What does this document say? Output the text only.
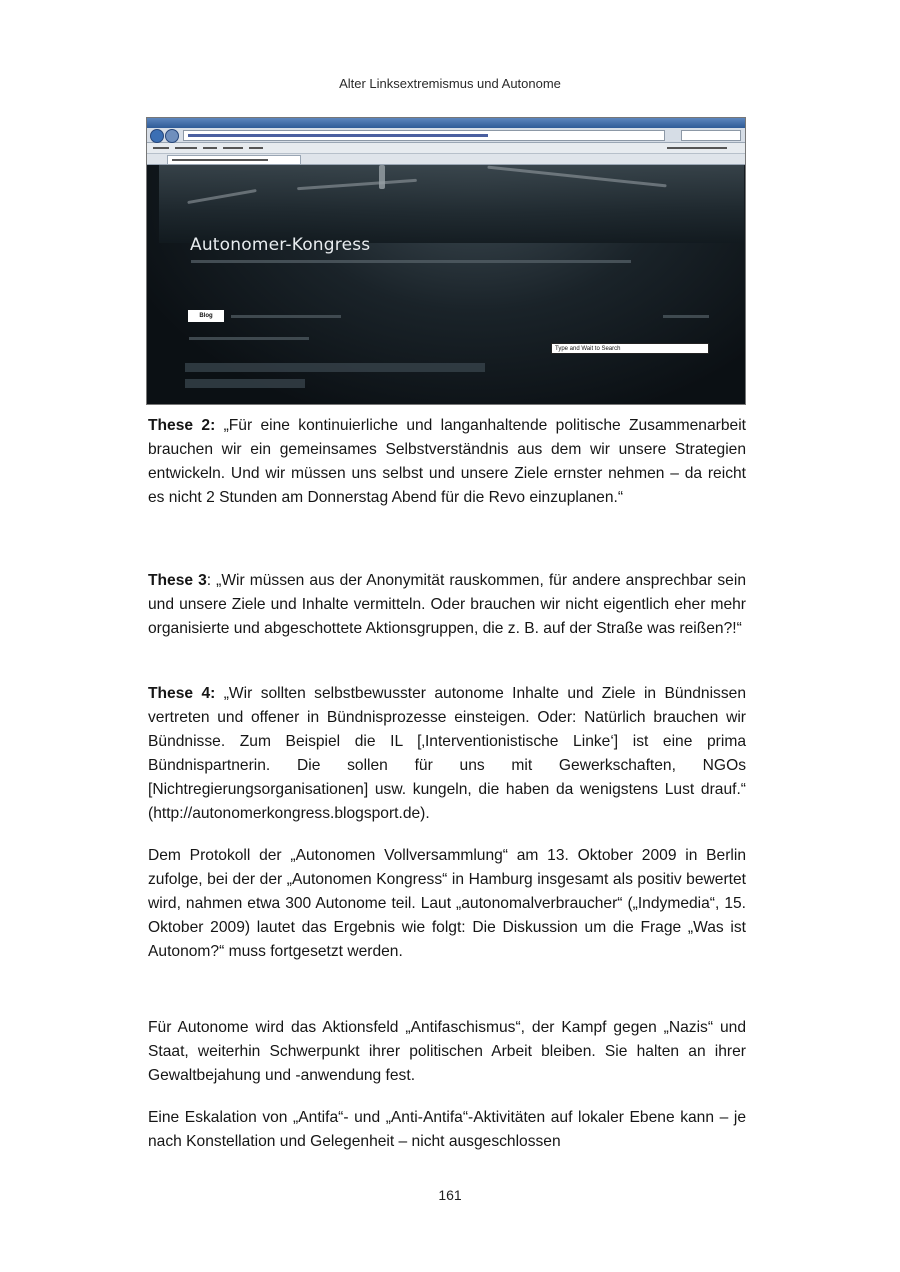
Alter Linksextremismus und Autonome
Autonomer-Kongress
Blog
Type and Wait to Search
These 2: „Für eine kontinuierliche und langanhaltende politische Zusammenarbeit brauchen wir ein gemeinsames Selbstverständnis aus dem wir unsere Strategien entwickeln. Und wir müssen uns selbst und unsere Ziele ernster nehmen – da reicht es nicht 2 Stunden am Donnerstag Abend für die Revo einzuplanen.“
These 3: „Wir müssen aus der Anonymität rauskommen, für andere ansprechbar sein und unsere Ziele und Inhalte vermitteln. Oder brauchen wir nicht eigentlich eher mehr organisierte und abgeschottete Aktionsgruppen, die z. B. auf der Straße was reißen?!“
These 4: „Wir sollten selbstbewusster autonome Inhalte und Ziele in Bündnissen vertreten und offener in Bündnisprozesse einsteigen. Oder: Natürlich brauchen wir Bündnisse. Zum Beispiel die IL [‚Interventionistische Linke‘] ist eine prima Bündnispartnerin. Die sollen für uns mit Gewerkschaften, NGOs [Nichtregierungsorganisationen] usw. kungeln, die haben da wenigstens Lust drauf.“ (http://autonomerkongress.blogsport.de).
Dem Protokoll der „Autonomen Vollversammlung“ am 13. Oktober 2009 in Berlin zufolge, bei der der „Autonomen Kongress“ in Hamburg insgesamt als positiv bewertet wird, nahmen etwa 300 Autonome teil. Laut „autonomalverbraucher“ („Indymedia“, 15. Oktober 2009) lautet das Ergebnis wie folgt: Die Diskussion um die Frage „Was ist Autonom?“ muss fortgesetzt werden.
Für Autonome wird das Aktionsfeld „Antifaschismus“, der Kampf gegen „Nazis“ und Staat, weiterhin Schwerpunkt ihrer politischen Arbeit bleiben. Sie halten an ihrer Gewaltbejahung und -anwendung fest.
Eine Eskalation von „Antifa“- und „Anti-Antifa“-Aktivitäten auf lokaler Ebene kann – je nach Konstellation und Gelegenheit – nicht ausgeschlossen
161
